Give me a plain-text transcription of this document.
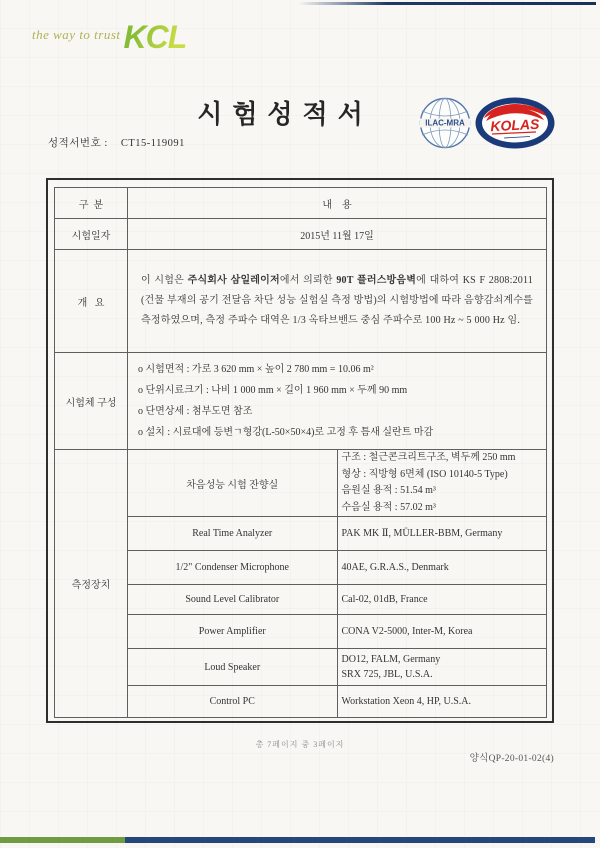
the way to trustKCL
시험성적서
성적서번호 : CT15-119091
ILAC-MRA KOLAS
구  분	내    용	
시험일자	2015년 11월 17일	
개   요	이 시험은 주식회사 삼일레이저에서 의뢰한 90T 플러스방음벽에 대하여 KS F 2808:2011 (건물 부재의 공기 전달음 차단 성능 실험실 측정 방법)의 시험방법에 따라 음향감쇠계수를 측정하였으며, 측정 주파수 대역은 1/3 옥타브밴드 중심 주파수로 100 Hz ~ 5 000 Hz 임.	
시험체 구성	o 시험면적 : 가로 3 620 mm × 높이 2 780 mm = 10.06 m²
o 단위시료크기 : 나비 1 000 mm × 길이 1 960 mm × 두께 90 mm
o 단면상세 : 첨부도면 참조
o 설치 : 시료대에 등변ㄱ형강(L-50×50×4)로 고정 후 틈새 실란트 마감	

측정장치	차음성능 시험 잔향실	구조 : 철근콘크리트구조, 벽두께 250 mm
형상 : 직방형 6면체 (ISO 10140-5 Type)
음원실 용적 : 51.54 m³
수음실 용적 : 57.02 m³

	Real Time Analyzer	PAK MK Ⅱ, MÜLLER-BBM, Germany
	1/2" Condenser Microphone	40AE, G.R.A.S., Denmark
	Sound Level Calibrator	Cal-02, 01dB, France
	Power Amplifier	CONA V2-5000, Inter-M, Korea
	Loud Speaker	DO12, FALM, Germany
SRX 725, JBL, U.S.A.

	Control PC	Workstation Xeon 4, HP, U.S.A.
총 7페이지 중 3페이지
양식QP-20-01-02(4)
